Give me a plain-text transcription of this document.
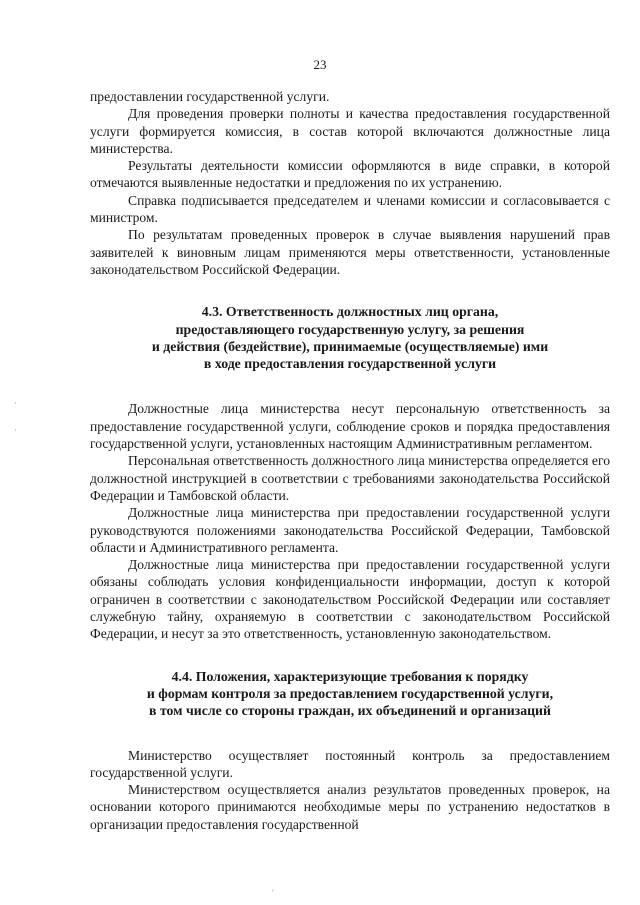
23

предоставлении государственной услуги.

Для проведения проверки полноты и качества предоставления государственной услуги формируется комиссия, в состав которой включаются должностные лица министерства.

Результаты деятельности комиссии оформляются в виде справки, в которой отмечаются выявленные недостатки и предложения по их устранению.

Справка подписывается председателем и членами комиссии и согласовывается с министром.

По результатам проведенных проверок в случае выявления нарушений прав заявителей к виновным лицам применяются меры ответственности, установленные законодательством Российской Федерации.

4.3. Ответственность должностных лиц органа,
предоставляющего государственную услугу, за решения
и действия (бездействие), принимаемые (осуществляемые) ими
в ходе предоставления государственной услуги

Должностные лица министерства несут персональную ответственность за предоставление государственной услуги, соблюдение сроков и порядка предоставления государственной услуги, установленных настоящим Административным регламентом.

Персональная ответственность должностного лица министерства определяется его должностной инструкцией в соответствии с требованиями законодательства Российской Федерации и Тамбовской области.

Должностные лица министерства при предоставлении государственной услуги руководствуются положениями законодательства Российской Федерации, Тамбовской области и Административного регламента.

Должностные лица министерства при предоставлении государственной услуги обязаны соблюдать условия конфиденциальности информации, доступ к которой ограничен в соответствии с законодательством Российской Федерации или составляет служебную тайну, охраняемую в соответствии с законодательством Российской Федерации, и несут за это ответственность, установленную законодательством.

4.4. Положения, характеризующие требования к порядку
и формам контроля за предоставлением государственной услуги,
в том числе со стороны граждан, их объединений и организаций

Министерство осуществляет постоянный контроль за предоставлением государственной услуги.

Министерством осуществляется анализ результатов проведенных проверок, на основании которого принимаются необходимые меры по устранению недостатков в организации предоставления государственной

·
·
′
